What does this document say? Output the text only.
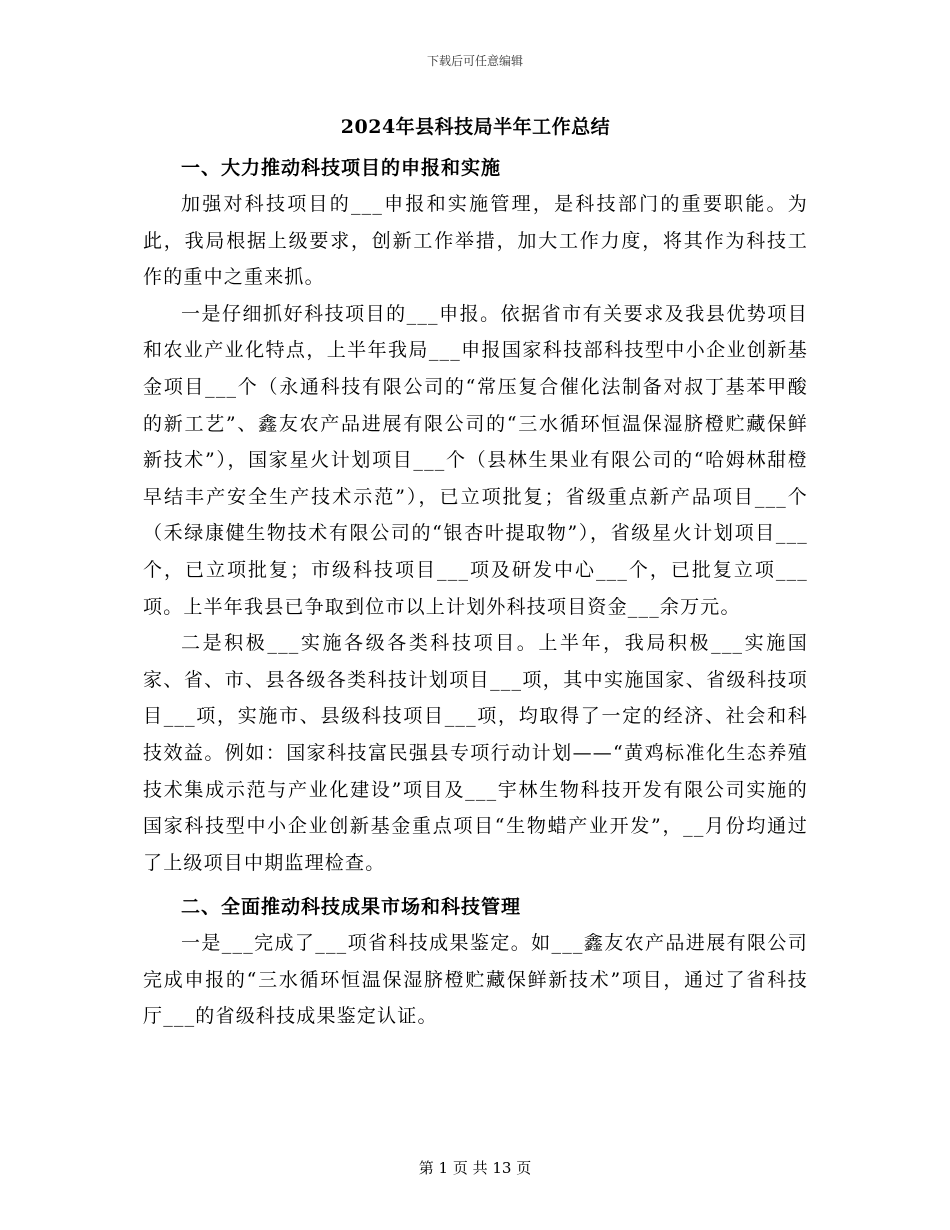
下载后可任意编辑
2024年县科技局半年工作总结
一、大力推动科技项目的申报和实施

加强对科技项目的___申报和实施管理，是科技部门的重要职能。为此，我局根据上级要求，创新工作举措，加大工作力度，将其作为科技工作的重中之重来抓。

一是仔细抓好科技项目的___申报。依据省市有关要求及我县优势项目和农业产业化特点，上半年我局___申报国家科技部科技型中小企业创新基金项目___个（永通科技有限公司的“常压复合催化法制备对叔丁基苯甲酸的新工艺”、鑫友农产品进展有限公司的“三水循环恒温保湿脐橙贮藏保鲜新技术”），国家星火计划项目___个（县林生果业有限公司的“哈姆林甜橙早结丰产安全生产技术示范”），已立项批复；省级重点新产品项目___个（禾绿康健生物技术有限公司的“银杏叶提取物”），省级星火计划项目___个，已立项批复；市级科技项目___项及研发中心___个，已批复立项___项。上半年我县已争取到位市以上计划外科技项目资金___余万元。

二是积极___实施各级各类科技项目。上半年，我局积极___实施国家、省、市、县各级各类科技计划项目___项，其中实施国家、省级科技项目___项，实施市、县级科技项目___项，均取得了一定的经济、社会和科技效益。例如：国家科技富民强县专项行动计划——“黄鸡标准化生态养殖技术集成示范与产业化建设”项目及___宇林生物科技开发有限公司实施的国家科技型中小企业创新基金重点项目“生物蜡产业开发”，__月份均通过了上级项目中期监理检查。

二、全面推动科技成果市场和科技管理

一是___完成了___项省科技成果鉴定。如___鑫友农产品进展有限公司完成申报的“三水循环恒温保湿脐橙贮藏保鲜新技术”项目，通过了省科技厅___的省级科技成果鉴定认证。

第 1 页 共 13 页
